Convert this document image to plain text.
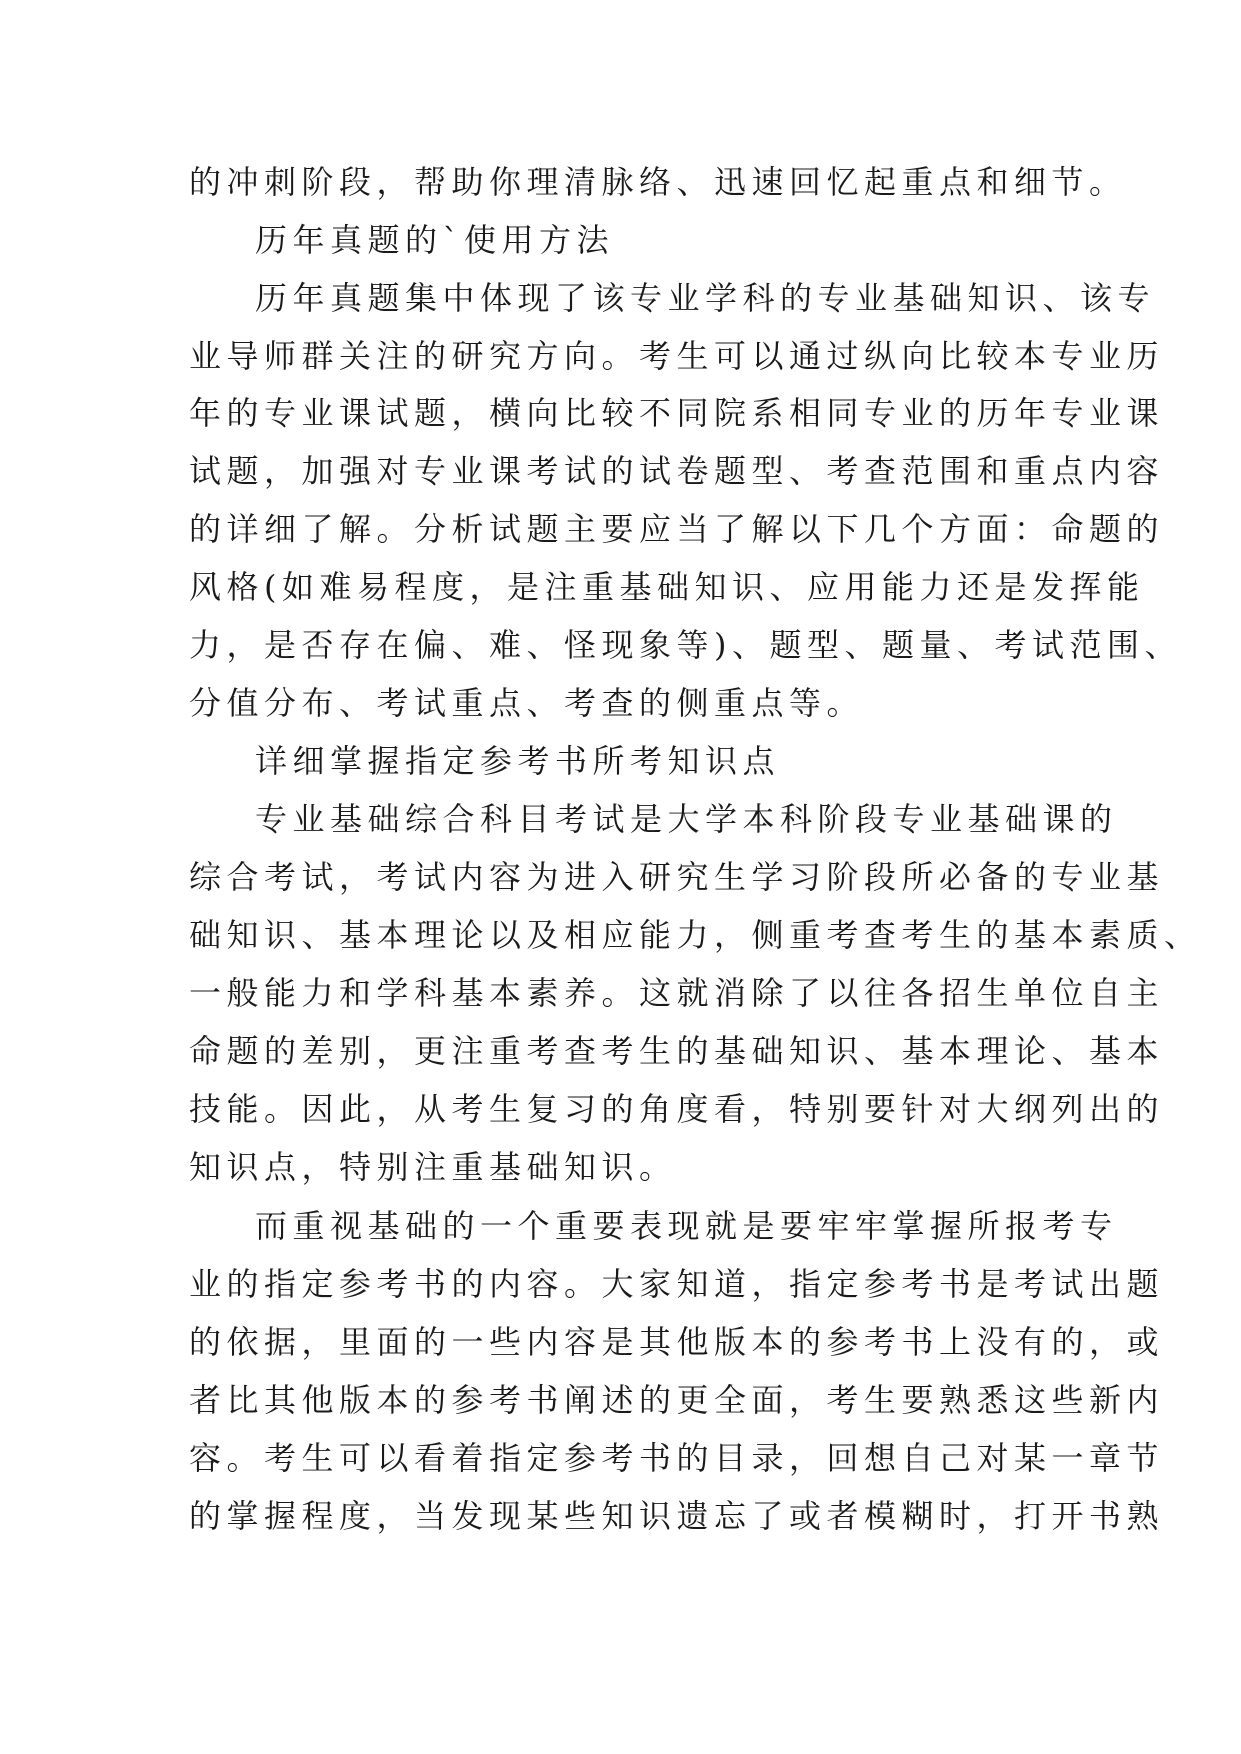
的冲刺阶段，帮助你理清脉络、迅速回忆起重点和细节。
历年真题的`使用方法
历年真题集中体现了该专业学科的专业基础知识、该专
业导师群关注的研究方向。考生可以通过纵向比较本专业历
年的专业课试题，横向比较不同院系相同专业的历年专业课
试题，加强对专业课考试的试卷题型、考查范围和重点内容
的详细了解。分析试题主要应当了解以下几个方面：命题的
风格(如难易程度，是注重基础知识、应用能力还是发挥能
力，是否存在偏、难、怪现象等)、题型、题量、考试范围、
分值分布、考试重点、考查的侧重点等。
详细掌握指定参考书所考知识点
专业基础综合科目考试是大学本科阶段专业基础课的
综合考试，考试内容为进入研究生学习阶段所必备的专业基
础知识、基本理论以及相应能力，侧重考查考生的基本素质、
一般能力和学科基本素养。这就消除了以往各招生单位自主
命题的差别，更注重考查考生的基础知识、基本理论、基本
技能。因此，从考生复习的角度看，特别要针对大纲列出的
知识点，特别注重基础知识。
而重视基础的一个重要表现就是要牢牢掌握所报考专
业的指定参考书的内容。大家知道，指定参考书是考试出题
的依据，里面的一些内容是其他版本的参考书上没有的，或
者比其他版本的参考书阐述的更全面，考生要熟悉这些新内
容。考生可以看着指定参考书的目录，回想自己对某一章节
的掌握程度，当发现某些知识遗忘了或者模糊时，打开书熟
